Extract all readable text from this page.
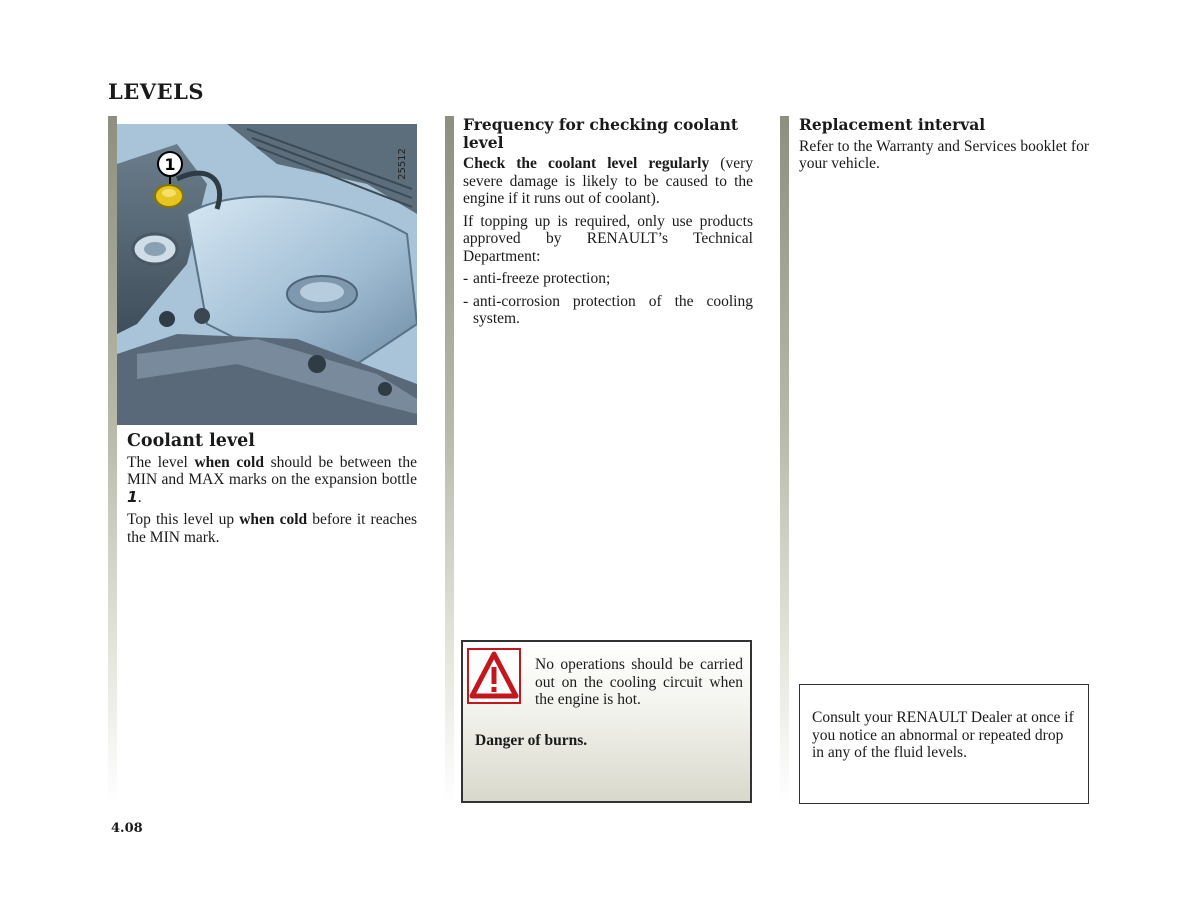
LEVELS
1	25512
Coolant level

The level when cold should be between the MIN and MAX marks on the expansion bottle 1.

Top this level up when cold before it reaches the MIN mark.

Frequency for checking coolant level

Check the coolant level regularly (very severe damage is likely to be caused to the engine if it runs out of coolant).

If topping up is required, only use products approved by RENAULT’s Technical Department:

- anti-freeze protection;
- anti-corrosion protection of the cooling system.

No operations should be carried out on the cooling circuit when the engine is hot.

Danger of burns.
Replacement interval

Refer to the Warranty and Services booklet for your vehicle.

Consult your RENAULT Dealer at once if you notice an abnormal or repeated drop in any of the fluid levels.

4.08
